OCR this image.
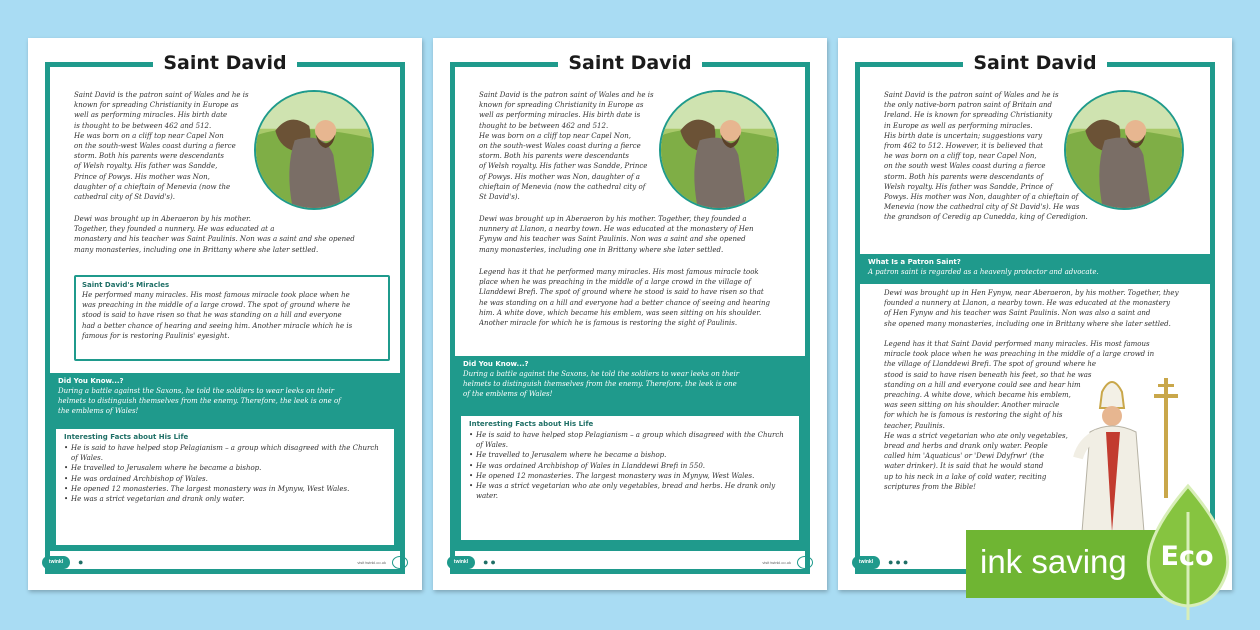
Saint David
Saint David is the patron saint of Wales and he is
known for spreading Christianity in Europe as
well as performing miracles. His birth date
is thought to be between 462 and 512.
He was born on a cliff top near Capel Non
on the south-west Wales coast during a fierce
storm. Both his parents were descendants
of Welsh royalty. His father was Sandde,
Prince of Powys. His mother was Non,
daughter of a chieftain of Menevia (now the
cathedral city of St David's).
Dewi was brought up in Aberaeron by his mother.
Together, they founded a nunnery. He was educated at a
monastery and his teacher was Saint Paulinis. Non was a saint and she opened
many monasteries, including one in Brittany where she later settled.
Saint David's Miracles
He performed many miracles. His most famous miracle took place when he
was preaching in the middle of a large crowd. The spot of ground where he
stood is said to have risen so that he was standing on a hill and everyone
had a better chance of hearing and seeing him. Another miracle which he is
famous for is restoring Paulinis' eyesight.
Did You Know...?
During a battle against the Saxons, he told the soldiers to wear leeks on their
helmets to distinguish themselves from the enemy. Therefore, the leek is one of
the emblems of Wales!
Interesting Facts about His Life
• He is said to have helped stop Pelagianism – a group which disagreed with the Church of Wales.
• He travelled to Jerusalem where he became a bishop.
• He was ordained Archbishop of Wales.
• He opened 12 monasteries. The largest monastery was in Mynyw, West Wales.
• He was a strict vegetarian and drank only water.
twinkl	●	visit twinkl.co.uk
Saint David
Saint David is the patron saint of Wales and he is
known for spreading Christianity in Europe as
well as performing miracles. His birth date is
thought to be between 462 and 512.
He was born on a cliff top near Capel Non,
on the south-west Wales coast during a fierce
storm. Both his parents were descendants
of Welsh royalty. His father was Sandde, Prince
of Powys. His mother was Non, daughter of a
chieftain of Menevia (now the cathedral city of
St David's).
Dewi was brought up in Aberaeron by his mother. Together, they founded a
nunnery at Llanon, a nearby town. He was educated at the monastery of Hen
Fynyw and his teacher was Saint Paulinis. Non was a saint and she opened
many monasteries, including one in Brittany where she later settled.
Legend has it that he performed many miracles. His most famous miracle took
place when he was preaching in the middle of a large crowd in the village of
Llanddewi Brefi. The spot of ground where he stood is said to have risen so that
he was standing on a hill and everyone had a better chance of seeing and hearing
him. A white dove, which became his emblem, was seen sitting on his shoulder.
Another miracle for which he is famous is restoring the sight of Paulinis.
Did You Know...?
During a battle against the Saxons, he told the soldiers to wear leeks on their
helmets to distinguish themselves from the enemy. Therefore, the leek is one
of the emblems of Wales!
Interesting Facts about His Life
• He is said to have helped stop Pelagianism – a group which disagreed with the Church of Wales.
• He travelled to Jerusalem where he became a bishop.
• He was ordained Archbishop of Wales in Llanddewi Brefi in 550.
• He opened 12 monasteries. The largest monastery was in Mynyw, West Wales.
• He was a strict vegetarian who ate only vegetables, bread and herbs. He drank only water.
twinkl	●●	visit twinkl.co.uk
Saint David
Saint David is the patron saint of Wales and he is
the only native-born patron saint of Britain and
Ireland. He is known for spreading Christianity
in Europe as well as performing miracles.
His birth date is uncertain; suggestions vary
from 462 to 512. However, it is believed that
he was born on a cliff top, near Capel Non,
on the south west Wales coast during a fierce
storm. Both his parents were descendants of
Welsh royalty. His father was Sandde, Prince of
Powys. His mother was Non, daughter of a chieftain of
Menevia (now the cathedral city of St David's). He was
the grandson of Ceredig ap Cunedda, king of Ceredigion.
What Is a Patron Saint?
A patron saint is regarded as a heavenly protector and advocate.
Dewi was brought up in Hen Fynyw, near Aberaeron, by his mother. Together, they
founded a nunnery at Llanon, a nearby town. He was educated at the monastery
of Hen Fynyw and his teacher was Saint Paulinis. Non was also a saint and
she opened many monasteries, including one in Brittany where she later settled.
Legend has it that Saint David performed many miracles. His most famous
miracle took place when he was preaching in the middle of a large crowd in
the village of Llanddewi Brefi. The spot of ground where he
stood is said to have risen beneath his feet, so that he was
standing on a hill and everyone could see and hear him
preaching. A white dove, which became his emblem,
was seen sitting on his shoulder. Another miracle
for which he is famous is restoring the sight of his
teacher, Paulinis.
He was a strict vegetarian who ate only vegetables,
bread and herbs and drank only water. People
called him 'Aquaticus' or 'Dewi Ddyfrwr' (the
water drinker). It is said that he would stand
up to his neck in a lake of cold water, reciting
scriptures from the Bible!
twinkl	●●● ink saving	Eco
